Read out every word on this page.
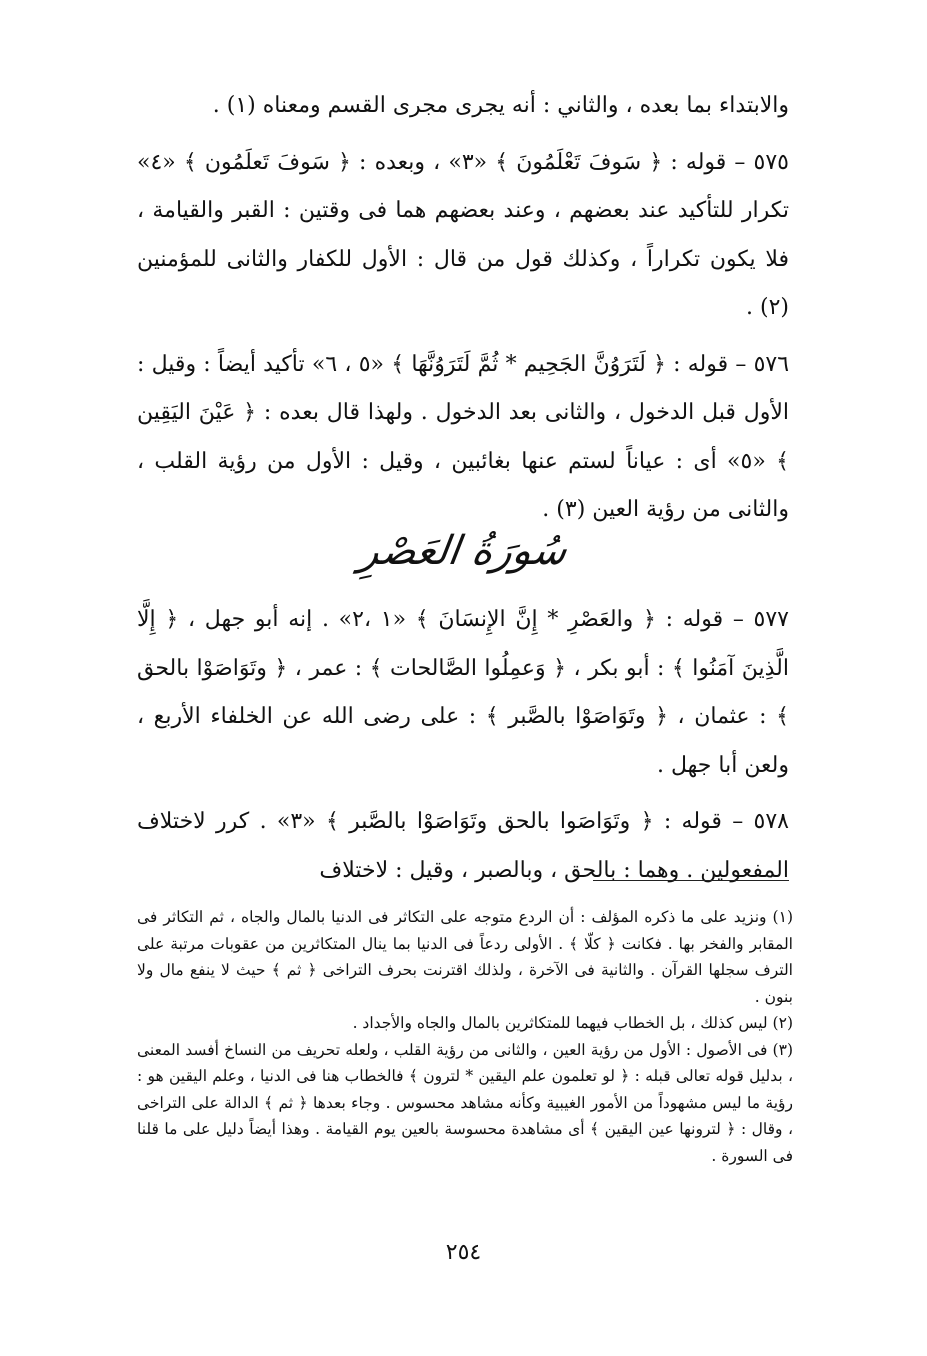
والابتداء بما بعده ، والثاني : أنه يجرى مجرى القسم ومعناه (١) .

٥٧٥ – قوله : ﴿ سَوفَ تَعْلَمُونَ ﴾ «٣» ، وبعده : ﴿ سَوفَ تَعلَمُون ﴾ «٤» تكرار للتأكيد عند بعضهم ، وعند بعضهم هما فى وقتين : القبر والقيامة ، فلا يكون تكراراً ، وكذلك قول من قال : الأول للكفار والثانى للمؤمنين (٢) .

٥٧٦ – قوله : ﴿ لَتَرَوُنَّ الجَحِيم * ثُمَّ لَتَرَوُنَّهَا ﴾ «٥ ، ٦» تأكيد أيضاً : وقيل : الأول قبل الدخول ، والثانى بعد الدخول . ولهذا قال بعده : ﴿ عَيْنَ اليَقِين ﴾ «٥» أى : عياناً لستم عنها بغائبين ، وقيل : الأول من رؤية القلب ، والثانى من رؤية العين (٣) .

سُورَةُ العَصْرِ

٥٧٧ – قوله : ﴿ والعَصْرِ * إِنَّ الإِنسَانَ ﴾ «١ ،٢» . إنه أبو جهل ، ﴿ إِلَّا الَّذِينَ آمَنُوا ﴾ : أبو بكر ، ﴿ وَعمِلُوا الصَّالحات ﴾ : عمر ، ﴿ وتَوَاصَوْا بالحق ﴾ : عثمان ، ﴿ وتَوَاصَوْا بالصَّبر ﴾ : على رضى الله عن الخلفاء الأربع ، ولعن أبا جهل .

٥٧٨ – قوله : ﴿ وتَوَاصَوا بالحق وتَوَاصَوْا بالصَّبر ﴾ «٣» . كرر لاختلاف المفعولين . وهما : بالحق ، وبالصبر ، وقيل : لاختلاف

(١) ونزيد على ما ذكره المؤلف : أن الردع متوجه على التكاثر فى الدنيا بالمال والجاه ، ثم التكاثر فى المقابر والفخر بها . فكانت ﴿ كلّا ﴾ . الأولى ردعاً فى الدنيا بما ينال المتكاثرين من عقوبات مرتبة على الترف سجلها القرآن . والثانية فى الآخرة ، ولذلك اقترنت بحرف التراخى ﴿ ثم ﴾ حيث لا ينفع مال ولا بنون .

(٢) ليس كذلك ، بل الخطاب فيهما للمتكاثرين بالمال والجاه والأجداد .

(٣) فى الأصول : الأول من رؤية العين ، والثانى من رؤية القلب ، ولعله تحريف من النساخ أفسد المعنى ، بدليل قوله تعالى قبله : ﴿ لو تعلمون علم اليقين * لترون ﴾ فالخطاب هنا فى الدنيا ، وعلم اليقين هو : رؤية ما ليس مشهوداً من الأمور الغيبية وكأنه مشاهد محسوس . وجاء بعدها ﴿ ثم ﴾ الدالة على التراخى ، وقال : ﴿ لترونها عين اليقين ﴾ أى مشاهدة محسوسة بالعين يوم القيامة . وهذا أيضاً دليل على ما قلنا فى السورة .

٢٥٤
